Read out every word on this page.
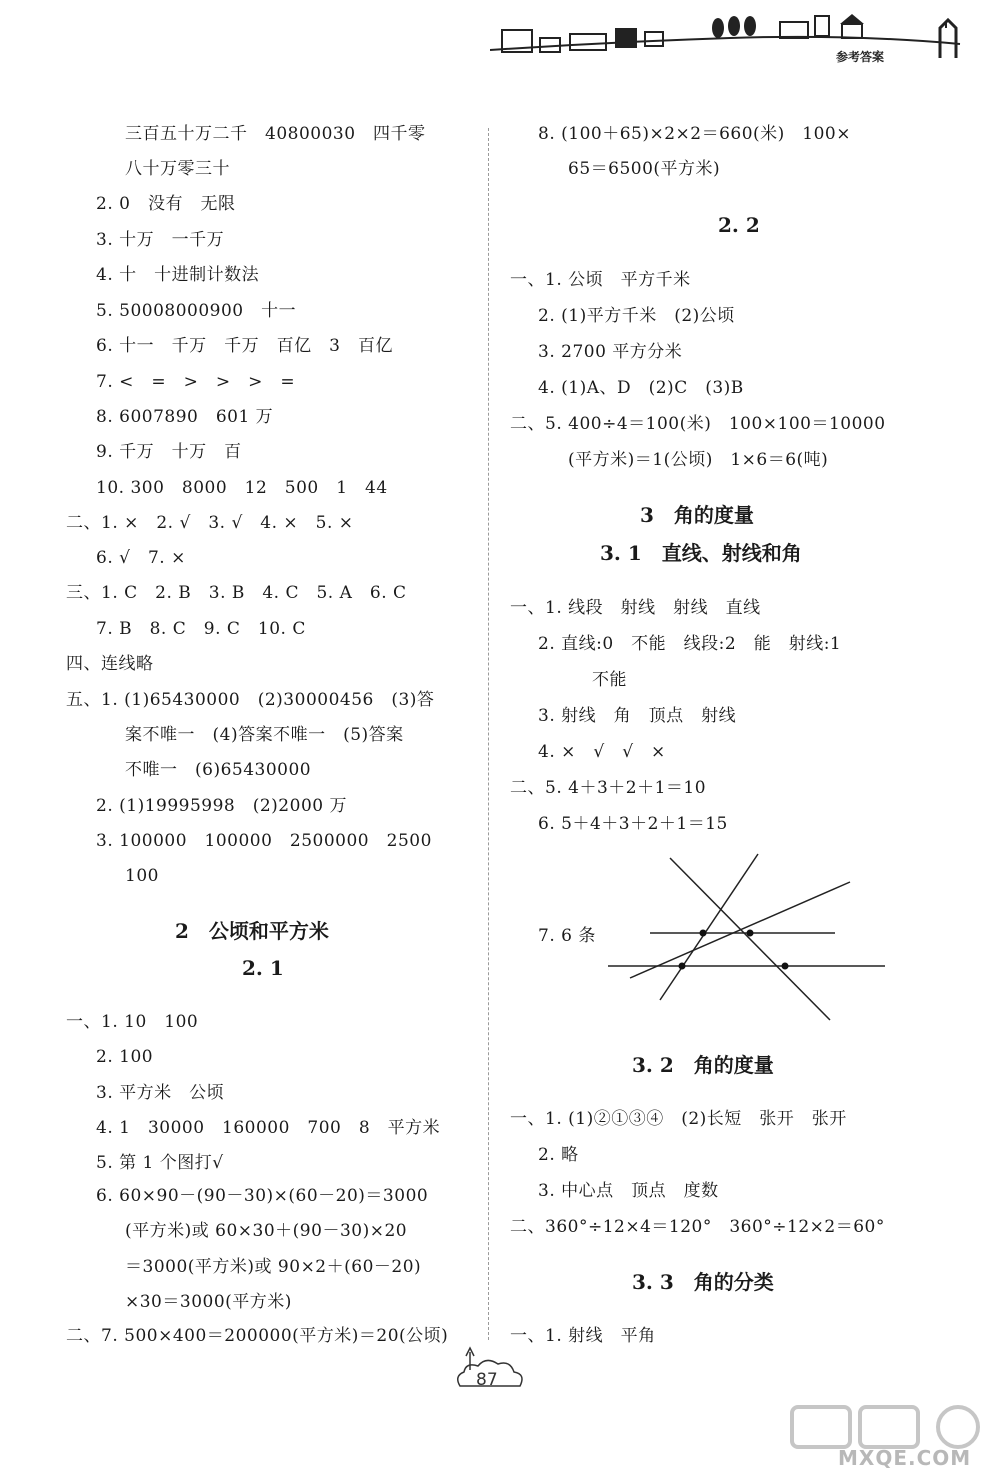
参考答案
三百五十万二千　40800030　四千零
八十万零三十
2. 0　没有　无限
3. 十万　一千万
4. 十　十进制计数法
5. 50008000900　十一
6. 十一　千万　千万　百亿　3　百亿
7. <　=　>　>　>　=
8. 6007890　601 万
9. 千万　十万　百
10. 300　8000　12　500　1　44
二、1. ×　2. √　3. √　4. ×　5. ×
6. √　7. ×
三、1. C　2. B　3. B　4. C　5. A　6. C
7. B　8. C　9. C　10. C
四、连线略
五、1. (1)65430000　(2)30000456　(3)答
案不唯一　(4)答案不唯一　(5)答案
不唯一　(6)65430000
2. (1)19995998　(2)2000 万
3. 100000　100000　2500000　2500
100
2　公顷和平方米
2. 1
一、1. 10　100
2. 100
3. 平方米　公顷
4. 1　30000　160000　700　8　平方米
5. 第 1 个图打√
6. 60×90－(90－30)×(60－20)＝3000
(平方米)或 60×30＋(90－30)×20
＝3000(平方米)或 90×2＋(60－20)
×30＝3000(平方米)
二、7. 500×400＝200000(平方米)＝20(公顷)
8. (100＋65)×2×2＝660(米)　100×
65＝6500(平方米)
2. 2
一、1. 公顷　平方千米
2. (1)平方千米　(2)公顷
3. 2700 平方分米
4. (1)A、D　(2)C　(3)B
二、5. 400÷4＝100(米)　100×100＝10000
(平方米)＝1(公顷)　1×6＝6(吨)
3　角的度量
3. 1　直线、射线和角
一、1. 线段　射线　射线　直线
2. 直线:0　不能　线段:2　能　射线:1
不能
3. 射线　角　顶点　射线
4. ×　√　√　×
二、5. 4＋3＋2＋1＝10
6. 5＋4＋3＋2＋1＝15
7. 6 条
3. 2　角的度量
一、1. (1)②①③④　(2)长短　张开　张开
2. 略
3. 中心点　顶点　度数
二、360°÷12×4＝120°　360°÷12×2＝60°
3. 3　角的分类
一、1. 射线　平角
87
MXQE.COM
